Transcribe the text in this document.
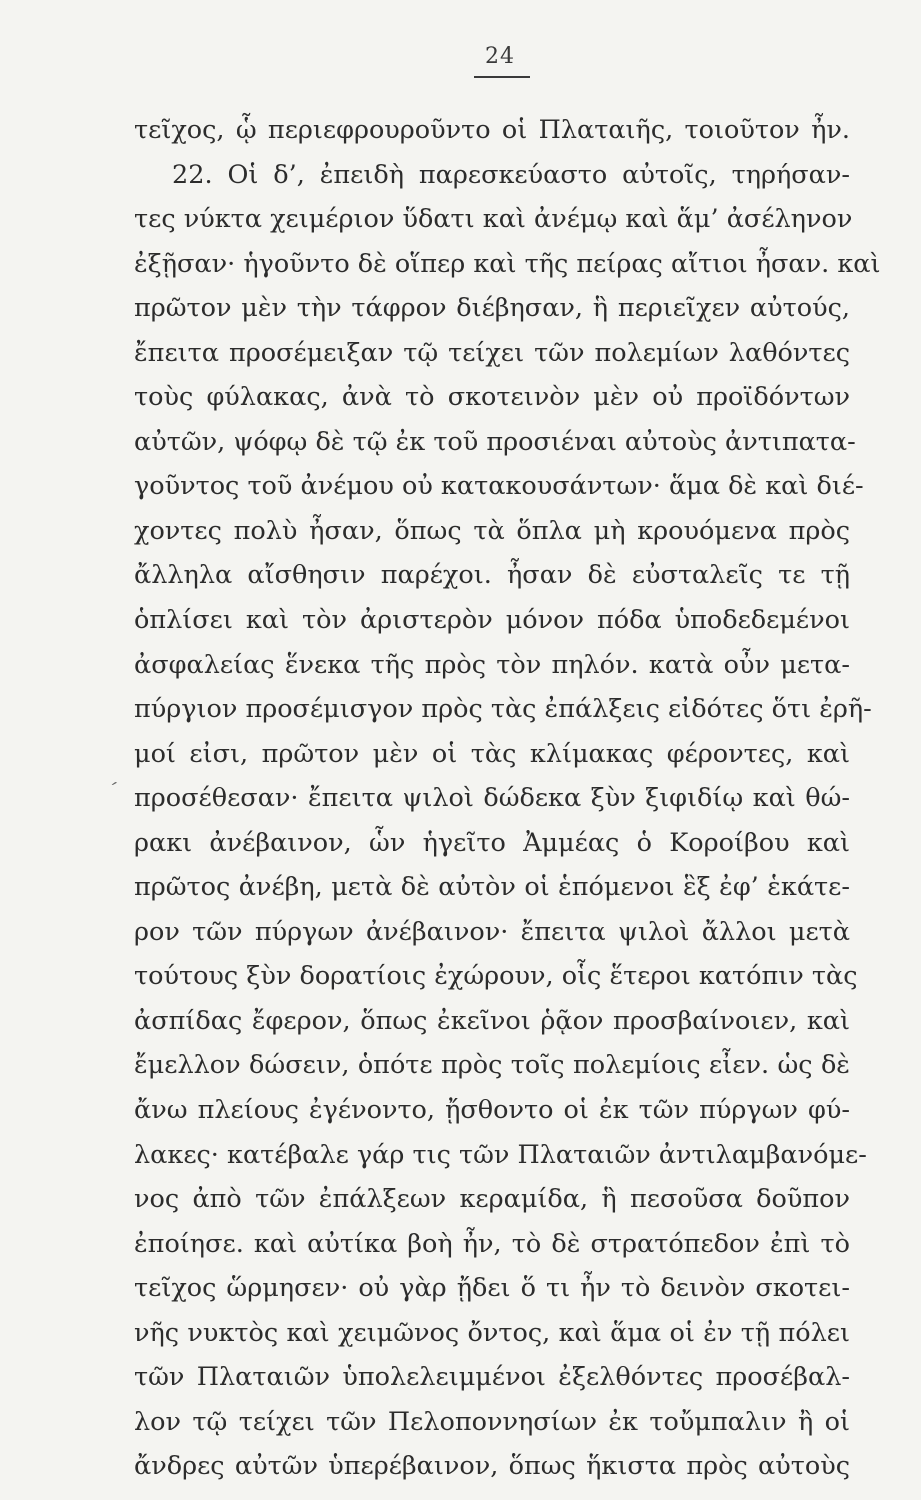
24
ˊ
τεῖχος, ᾧ περιεφρουροῦντο οἱ Πλαταιῆς, τοιοῦτον ἦν.
22. Οἱ δ’, ἐπειδὴ παρεσκεύαστο αὐτοῖς, τηρήσαν-
τες νύκτα χειμέριον ὕδατι καὶ ἀνέμῳ καὶ ἅμ’ ἀσέληνον
ἐξῇσαν· ἡγοῦντο δὲ οἵπερ καὶ τῆς πείρας αἴτιοι ἦσαν. καὶ
πρῶτον μὲν τὴν τάφρον διέβησαν, ἣ περιεῖχεν αὐτούς,
ἔπειτα προσέμειξαν τῷ τείχει τῶν πολεμίων λαθόντες
τοὺς φύλακας, ἀνὰ τὸ σκοτεινὸν μὲν οὐ προϊδόντων
αὐτῶν, ψόφῳ δὲ τῷ ἐκ τοῦ προσιέναι αὐτοὺς ἀντιπατα-
γοῦντος τοῦ ἀνέμου οὐ κατακουσάντων· ἅμα δὲ καὶ διέ-
χοντες πολὺ ἦσαν, ὅπως τὰ ὅπλα μὴ κρουόμενα πρὸς
ἄλληλα αἴσθησιν παρέχοι. ἦσαν δὲ εὐσταλεῖς τε τῇ
ὁπλίσει καὶ τὸν ἀριστερὸν μόνον πόδα ὑποδεδεμένοι
ἀσφαλείας ἕνεκα τῆς πρὸς τὸν πηλόν. κατὰ οὖν μετα-
πύργιον προσέμισγον πρὸς τὰς ἐπάλξεις εἰδότες ὅτι ἐρῆ-
μοί εἰσι, πρῶτον μὲν οἱ τὰς κλίμακας φέροντες, καὶ
προσέθεσαν· ἔπειτα ψιλοὶ δώδεκα ξὺν ξιφιδίῳ καὶ θώ-
ρακι ἀνέβαινον, ὧν ἡγεῖτο Ἀμμέας ὁ Κοροίβου καὶ
πρῶτος ἀνέβη, μετὰ δὲ αὐτὸν οἱ ἑπόμενοι ἓξ ἐφ’ ἑκάτε-
ρον τῶν πύργων ἀνέβαινον· ἔπειτα ψιλοὶ ἄλλοι μετὰ
τούτους ξὺν δορατίοις ἐχώρουν, οἷς ἕτεροι κατόπιν τὰς
ἀσπίδας ἔφερον, ὅπως ἐκεῖνοι ῥᾷον προσβαίνοιεν, καὶ
ἔμελλον δώσειν, ὁπότε πρὸς τοῖς πολεμίοις εἶεν. ὡς δὲ
ἄνω πλείους ἐγένοντο, ᾔσθοντο οἱ ἐκ τῶν πύργων φύ-
λακες· κατέβαλε γάρ τις τῶν Πλαταιῶν ἀντιλαμβανόμε-
νος ἀπὸ τῶν ἐπάλξεων κεραμίδα, ἣ πεσοῦσα δοῦπον
ἐποίησε. καὶ αὐτίκα βοὴ ἦν, τὸ δὲ στρατόπεδον ἐπὶ τὸ
τεῖχος ὥρμησεν· οὐ γὰρ ᾔδει ὅ τι ἦν τὸ δεινὸν σκοτει-
νῆς νυκτὸς καὶ χειμῶνος ὄντος, καὶ ἅμα οἱ ἐν τῇ πόλει
τῶν Πλαταιῶν ὑπολελειμμένοι ἐξελθόντες προσέβαλ-
λον τῷ τείχει τῶν Πελοποννησίων ἐκ τοὔμπαλιν ἢ οἱ
ἄνδρες αὐτῶν ὑπερέβαινον, ὅπως ἥκιστα πρὸς αὐτοὺς
